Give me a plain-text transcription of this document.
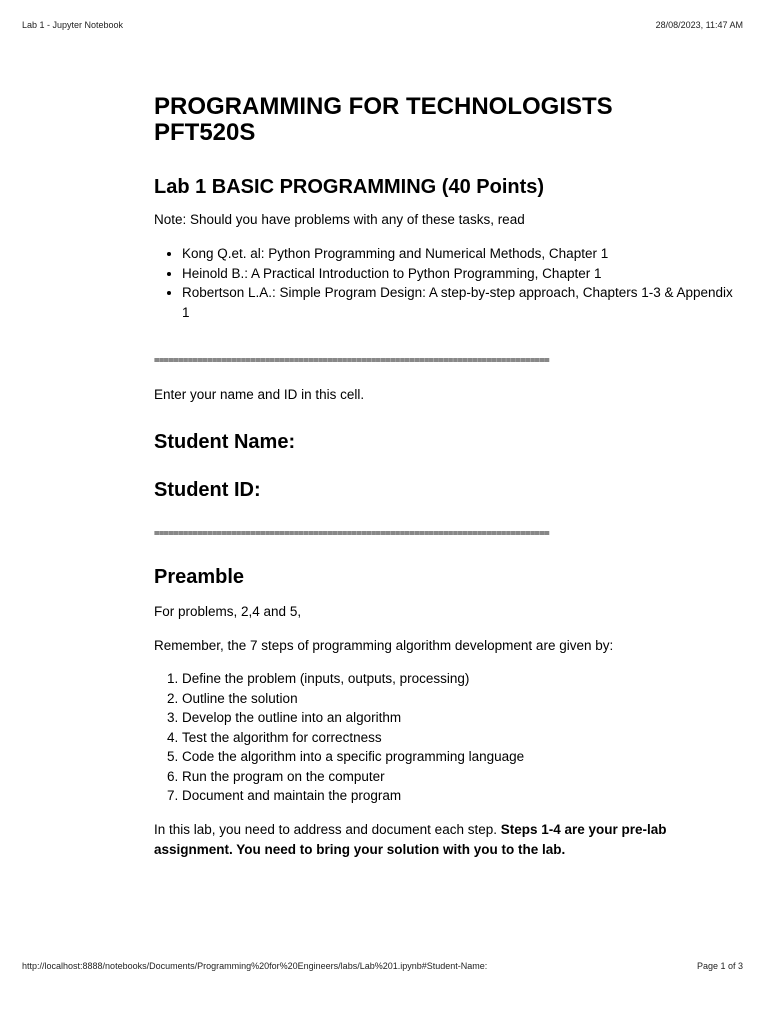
Lab 1 - Jupyter Notebook	28/08/2023, 11:47 AM
PROGRAMMING FOR TECHNOLOGISTS
PFT520S
Lab 1 BASIC PROGRAMMING (40 Points)

Note: Should you have problems with any of these tasks, read

• Kong Q.et. al: Python Programming and Numerical Methods, Chapter 1
• Heinold B.: A Practical Introduction to Python Programming, Chapter 1
• Robertson L.A.: Simple Program Design: A step-by-step approach, Chapters 1-3 & Appendix 1
==================================================================================

Enter your name and ID in this cell.

Student Name:
Student ID:
==================================================================================
Preamble

For problems, 2,4 and 5,

Remember, the 7 steps of programming algorithm development are given by:

1. Define the problem (inputs, outputs, processing)
2. Outline the solution
3. Develop the outline into an algorithm
4. Test the algorithm for correctness
5. Code the algorithm into a specific programming language
6. Run the program on the computer
7. Document and maintain the program

In this lab, you need to address and document each step. Steps 1-4 are your pre-lab assignment. You need to bring your solution with you to the lab.

http://localhost:8888/notebooks/Documents/Programming%20for%20Engineers/labs/Lab%201.ipynb#Student-Name:	Page 1 of 3
